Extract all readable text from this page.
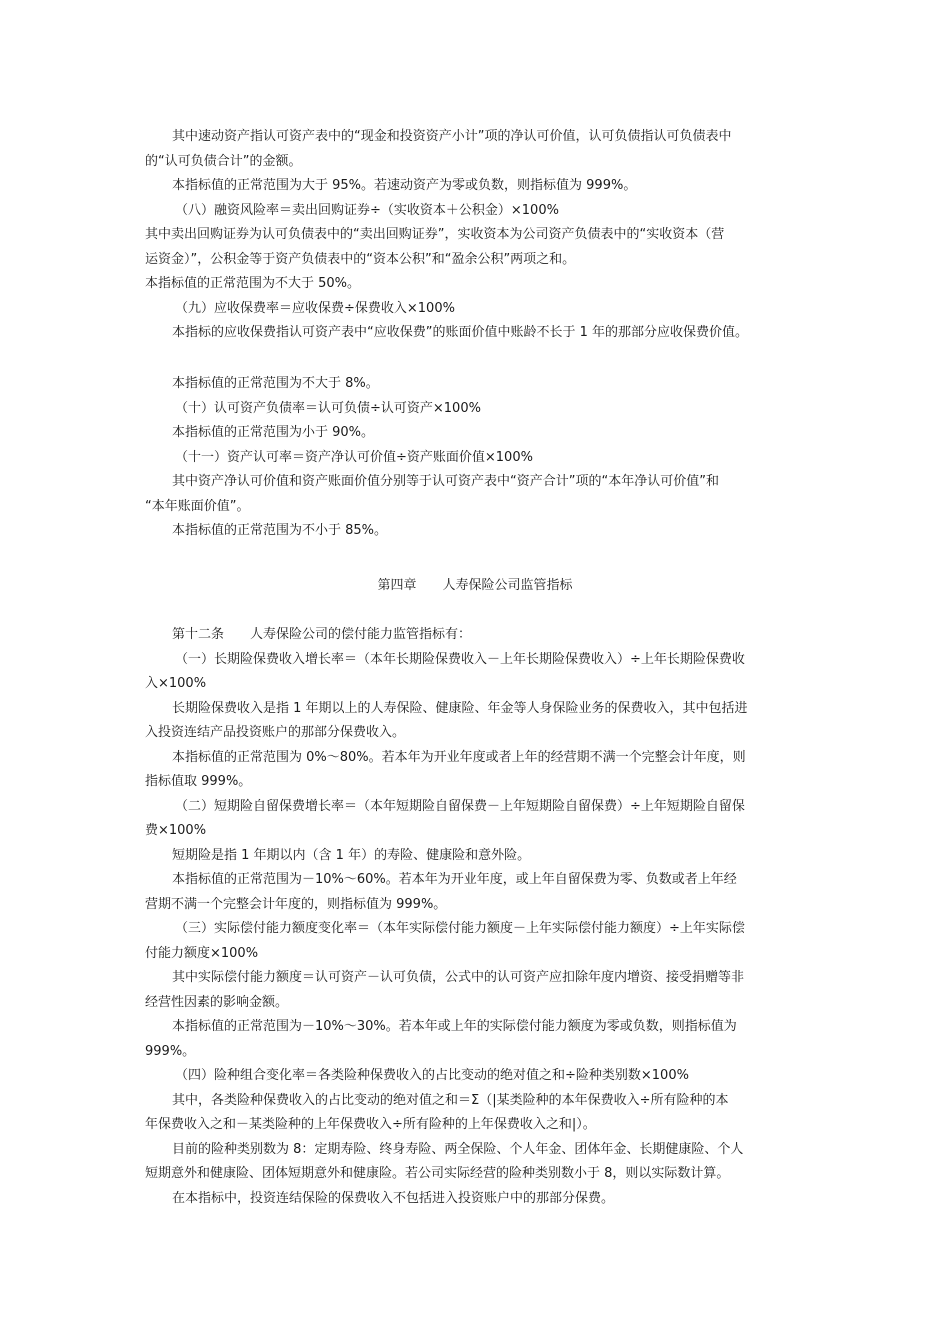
其中速动资产指认可资产表中的“现金和投资资产小计”项的净认可价值，认可负债指认可负债表中
的“认可负债合计”的金额。
本指标值的正常范围为大于 95%。若速动资产为零或负数，则指标值为 999%。
（八）融资风险率＝卖出回购证券÷（实收资本＋公积金）×100%
其中卖出回购证券为认可负债表中的“卖出回购证券”，实收资本为公司资产负债表中的“实收资本（营
运资金）”，公积金等于资产负债表中的“资本公积”和“盈余公积”两项之和。
本指标值的正常范围为不大于 50%。
（九）应收保费率＝应收保费÷保费收入×100%
本指标的应收保费指认可资产表中“应收保费”的账面价值中账龄不长于 1 年的那部分应收保费价值。
本指标值的正常范围为不大于 8%。
（十）认可资产负债率＝认可负债÷认可资产×100%
本指标值的正常范围为小于 90%。
（十一）资产认可率＝资产净认可价值÷资产账面价值×100%
其中资产净认可价值和资产账面价值分别等于认可资产表中“资产合计”项的“本年净认可价值”和
“本年账面价值”。
本指标值的正常范围为不小于 85%。
第四章　　人寿保险公司监管指标
第十二条　　人寿保险公司的偿付能力监管指标有：
（一）长期险保费收入增长率＝（本年长期险保费收入－上年长期险保费收入）÷上年长期险保费收
入×100%
长期险保费收入是指 1 年期以上的人寿保险、健康险、年金等人身保险业务的保费收入，其中包括进
入投资连结产品投资账户的那部分保费收入。
本指标值的正常范围为 0%～80%。若本年为开业年度或者上年的经营期不满一个完整会计年度，则
指标值取 999%。
（二）短期险自留保费增长率＝（本年短期险自留保费－上年短期险自留保费）÷上年短期险自留保
费×100%
短期险是指 1 年期以内（含 1 年）的寿险、健康险和意外险。
本指标值的正常范围为－10%～60%。若本年为开业年度，或上年自留保费为零、负数或者上年经
营期不满一个完整会计年度的，则指标值为 999%。
（三）实际偿付能力额度变化率＝（本年实际偿付能力额度－上年实际偿付能力额度）÷上年实际偿
付能力额度×100%
其中实际偿付能力额度＝认可资产－认可负债，公式中的认可资产应扣除年度内增资、接受捐赠等非
经营性因素的影响金额。
本指标值的正常范围为－10%～30%。若本年或上年的实际偿付能力额度为零或负数，则指标值为
999%。
（四）险种组合变化率＝各类险种保费收入的占比变动的绝对值之和÷险种类别数×100%
其中，各类险种保费收入的占比变动的绝对值之和＝Σ（|某类险种的本年保费收入÷所有险种的本
年保费收入之和－某类险种的上年保费收入÷所有险种的上年保费收入之和|）。
目前的险种类别数为 8：定期寿险、终身寿险、两全保险、个人年金、团体年金、长期健康险、个人
短期意外和健康险、团体短期意外和健康险。若公司实际经营的险种类别数小于 8，则以实际数计算。
在本指标中，投资连结保险的保费收入不包括进入投资账户中的那部分保费。
